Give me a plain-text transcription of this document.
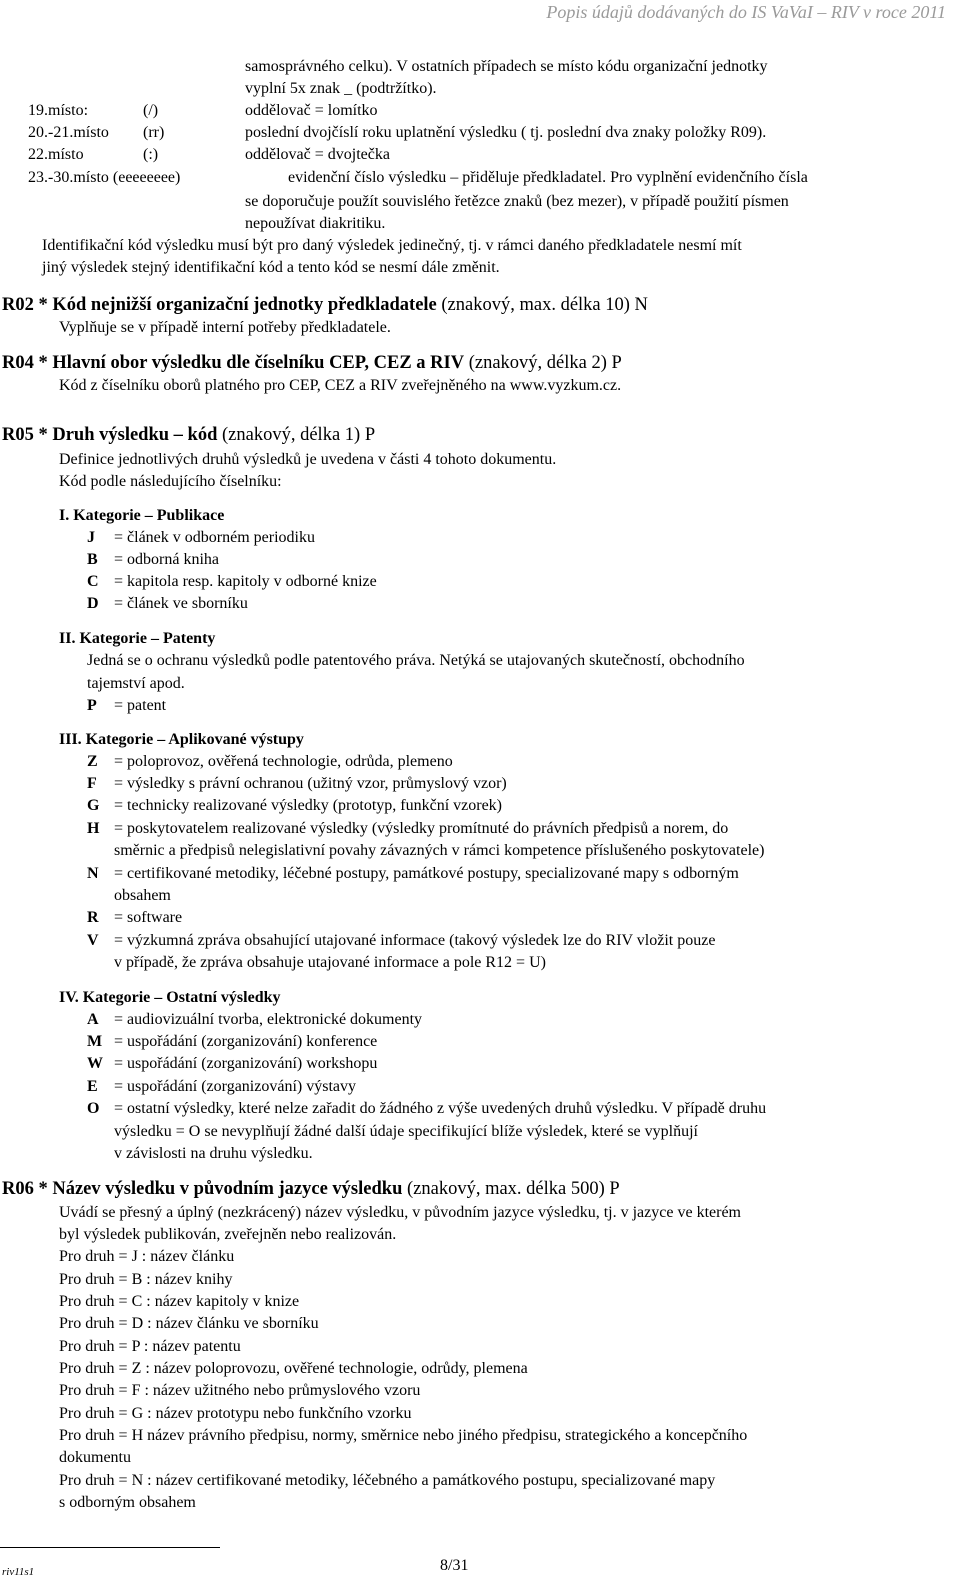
Popis údajů dodávaných do IS VaVaI – RIV v roce 2011
samosprávného celku). V ostatních případech se místo kódu organizační jednotky
vyplní 5x znak _ (podtržítko).
19.místo:	(/)	oddělovač = lomítko
20.-21.místo (rr)	poslední dvojčíslí roku uplatnění výsledku ( tj. poslední dva znaky položky R09).
22.místo	(:)	oddělovač = dvojtečka
23.-30.místo (eeeeeeee)	evidenční číslo výsledku – přiděluje předkladatel. Pro vyplnění evidenčního čísla
se doporučuje použít souvislého řetězce znaků (bez mezer), v případě použití písmen
nepoužívat diakritiku.
Identifikační kód výsledku musí být pro daný výsledek jedinečný, tj. v rámci daného předkladatele nesmí mít
jiný výsledek stejný identifikační kód a tento kód se nesmí dále změnit.
R02 * Kód nejnižší organizační jednotky předkladatele (znakový, max. délka 10) N
Vyplňuje se v případě interní potřeby předkladatele.
R04 * Hlavní obor výsledku dle číselníku CEP, CEZ a RIV (znakový, délka 2) P
Kód z číselníku oborů platného pro CEP, CEZ a RIV zveřejněného na www.vyzkum.cz.
R05 * Druh výsledku – kód (znakový, délka 1) P
Definice jednotlivých druhů výsledků je uvedena v části 4 tohoto dokumentu.
Kód podle následujícího číselníku:
I. Kategorie – Publikace
J = článek v odborném periodiku
B = odborná kniha
C = kapitola resp. kapitoly v odborné knize
D = článek ve sborníku
II. Kategorie – Patenty
Jedná se o ochranu výsledků podle patentového práva. Netýká se utajovaných skutečností, obchodního
tajemství apod.
P = patent
III. Kategorie – Aplikované výstupy
Z = poloprovoz, ověřená technologie, odrůda, plemeno
F = výsledky s právní ochranou (užitný vzor, průmyslový vzor)
G = technicky realizované výsledky (prototyp, funkční vzorek)
H = poskytovatelem realizované výsledky (výsledky promítnuté do právních předpisů a norem, do
směrnic a předpisů nelegislativní povahy závazných v rámci kompetence příslušeného poskytovatele)
N = certifikované metodiky, léčebné postupy, památkové postupy, specializované mapy s odborným
obsahem
R = software
V = výzkumná zpráva obsahující utajované informace (takový výsledek lze do RIV vložit pouze
v případě, že zpráva obsahuje utajované informace a pole R12 = U)
IV. Kategorie – Ostatní výsledky
A = audiovizuální tvorba, elektronické dokumenty
M = uspořádání (zorganizování) konference
W = uspořádání (zorganizování) workshopu
E = uspořádání (zorganizování) výstavy
O = ostatní výsledky, které nelze zařadit do žádného z výše uvedených druhů výsledku. V případě druhu
výsledku = O se nevyplňují žádné další údaje specifikující blíže výsledek, které se vyplňují
v závislosti na druhu výsledku.
R06 * Název výsledku v původním jazyce výsledku (znakový, max. délka 500) P
Uvádí se přesný a úplný (nezkrácený) název výsledku, v původním jazyce výsledku, tj. v jazyce ve kterém
byl výsledek publikován, zveřejněn nebo realizován.
Pro druh = J : název článku
Pro druh = B : název knihy
Pro druh = C : název kapitoly v knize
Pro druh = D : název článku ve sborníku
Pro druh = P : název patentu
Pro druh = Z : název poloprovozu, ověřené technologie, odrůdy, plemena
Pro druh = F : název užitného nebo průmyslového vzoru
Pro druh = G : název prototypu nebo funkčního vzorku
Pro druh = H název právního předpisu, normy, směrnice nebo jiného předpisu, strategického a koncepčního
dokumentu
Pro druh = N : název certifikované metodiky, léčebného a památkového postupu, specializované mapy
s odborným obsahem
riv11s1	8/31
